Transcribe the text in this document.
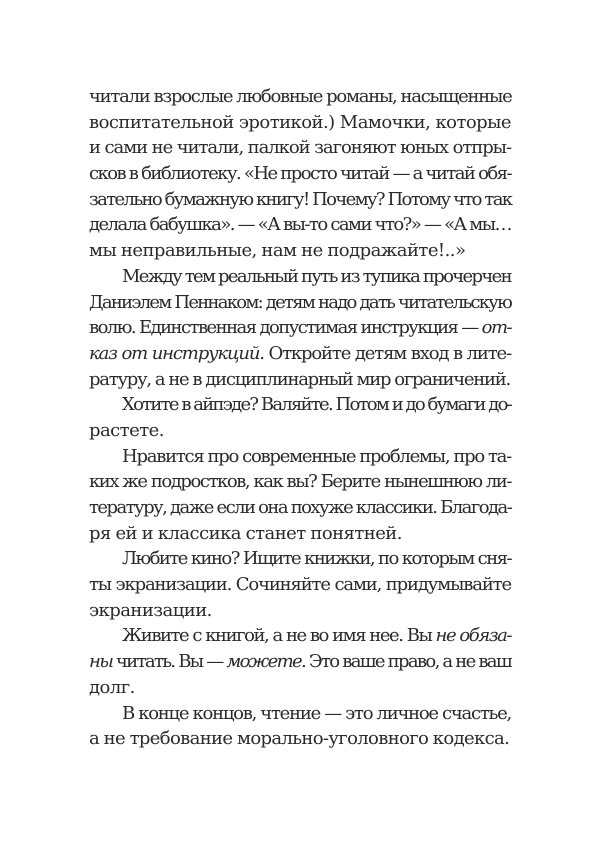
читали взрослые любовные романы, насыщенные
воспитательной эротикой.) Мамочки, которые
и сами не читали, палкой загоняют юных отпры-
сков в библиотеку. «Не просто читай — а читай обя-
зательно бумажную книгу! Почему? Потому что так
делала бабушка». — «А вы-то сами что?» — «А мы…
мы неправильные, нам не подражайте!..»
Между тем реальный путь из тупика прочерчен
Даниэлем Пеннаком: детям надо дать читательскую
волю. Единственная допустимая инструкция — от-
каз от инструкций. Откройте детям вход в лите-
ратуру, а не в дисциплинарный мир ограничений.
Хотите в айпэде? Валяйте. Потом и до бумаги до-
растете.
Нравится про современные проблемы, про та-
ких же подростков, как вы? Берите нынешнюю ли-
тературу, даже если она похуже классики. Благода-
ря ей и классика станет понятней.
Любите кино? Ищите книжки, по которым сня-
ты экранизации. Сочиняйте сами, придумывайте
экранизации.
Живите с книгой, а не во имя нее. Вы не обяза-
ны читать. Вы — можете. Это ваше право, а не ваш
долг.
В конце концов, чтение — это личное счастье,
а не требование морально-уголовного кодекса.
